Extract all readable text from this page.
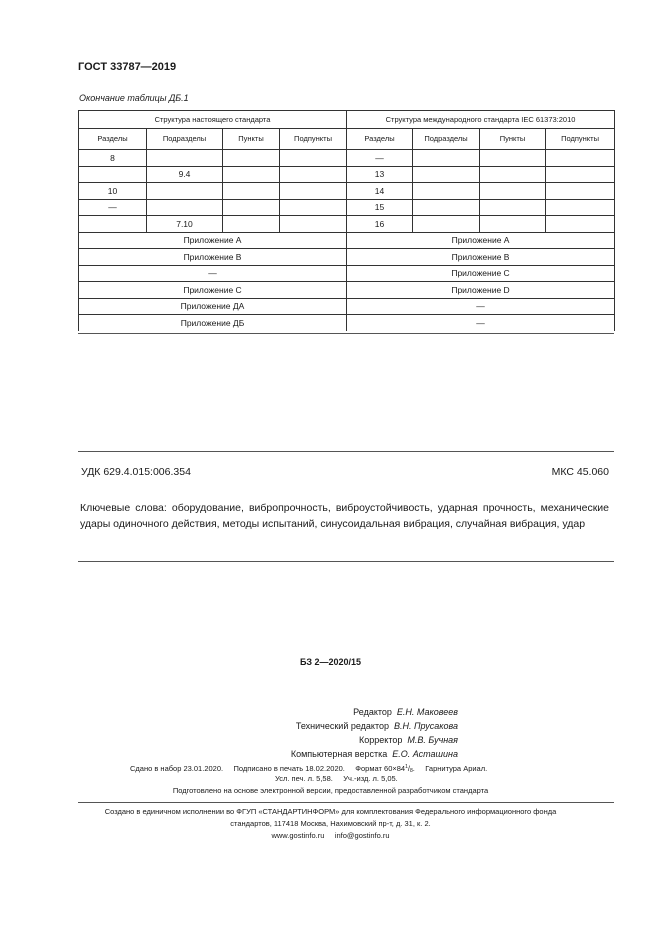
ГОСТ 33787—2019
Окончание таблицы ДБ.1
Структура настоящего стандарта				Структура международного стандарта IEC 61373:2010			
Разделы	Подразделы	Пункты	Подпункты	Разделы	Подразделы	Пункты	Подпункты
8				—			
	9.4			13			
10				14			
—				15			
	7.10			16			
Приложение А				Приложение А			
Приложение В				Приложение В			
—				Приложение С			
Приложение С				Приложение D			
Приложение ДА				—			
Приложение ДБ				—			
УДК 629.4.015:006.354	МКС 45.060
Ключевые слова: оборудование, вибропрочность, виброустойчивость, ударная прочность, механические удары одиночного действия, методы испытаний, синусоидальная вибрация, случайная вибрация, удар
БЗ 2—2020/15
Редактор Е.Н. Маковеев
Технический редактор В.Н. Прусакова
Корректор М.В. Бучная
Компьютерная верстка Е.О. Асташина
Сдано в набор 23.01.2020. Подписано в печать 18.02.2020. Формат $60\times 84^1/_8$. Гарнитура Ариал.
Усл. печ. л. 5,58. Уч.-изд. л. 5,05.
Подготовлено на основе электронной версии, предоставленной разработчиком стандарта
Создано в единичном исполнении во ФГУП «СТАНДАРТИНФОРМ» для комплектования Федерального информационного фонда
стандартов, 117418 Москва, Нахимовский пр-т, д. 31, к. 2.
www.gostinfo.ru info@gostinfo.ru
